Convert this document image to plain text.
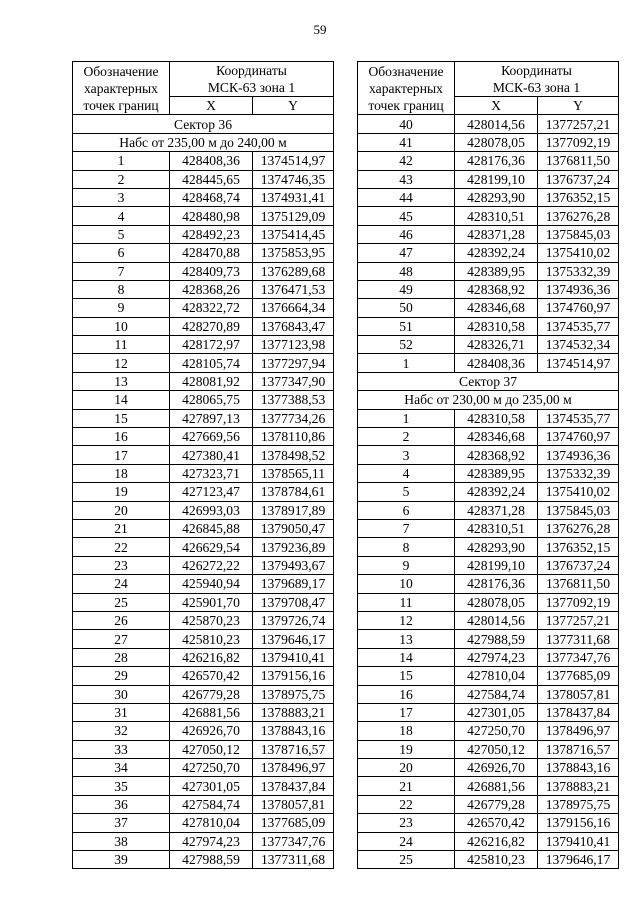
59
Обозначение
характерных
точек границ	Координаты
МСК-63 зона 1	
	X	Y
Сектор 36		
Набс от 235,00 м до 240,00 м		
1	428408,36	1374514,97
2	428445,65	1374746,35
3	428468,74	1374931,41
4	428480,98	1375129,09
5	428492,23	1375414,45
6	428470,88	1375853,95
7	428409,73	1376289,68
8	428368,26	1376471,53
9	428322,72	1376664,34
10	428270,89	1376843,47
11	428172,97	1377123,98
12	428105,74	1377297,94
13	428081,92	1377347,90
14	428065,75	1377388,53
15	427897,13	1377734,26
16	427669,56	1378110,86
17	427380,41	1378498,52
18	427323,71	1378565,11
19	427123,47	1378784,61
20	426993,03	1378917,89
21	426845,88	1379050,47
22	426629,54	1379236,89
23	426272,22	1379493,67
24	425940,94	1379689,17
25	425901,70	1379708,47
26	425870,23	1379726,74
27	425810,23	1379646,17
28	426216,82	1379410,41
29	426570,42	1379156,16
30	426779,28	1378975,75
31	426881,56	1378883,21
32	426926,70	1378843,16
33	427050,12	1378716,57
34	427250,70	1378496,97
35	427301,05	1378437,84
36	427584,74	1378057,81
37	427810,04	1377685,09
38	427974,23	1377347,76
39	427988,59	1377311,68
Обозначение
характерных
точек границ	Координаты
МСК-63 зона 1	
	X	Y
40	428014,56	1377257,21
41	428078,05	1377092,19
42	428176,36	1376811,50
43	428199,10	1376737,24
44	428293,90	1376352,15
45	428310,51	1376276,28
46	428371,28	1375845,03
47	428392,24	1375410,02
48	428389,95	1375332,39
49	428368,92	1374936,36
50	428346,68	1374760,97
51	428310,58	1374535,77
52	428326,71	1374532,34
1	428408,36	1374514,97
Сектор 37		
Набс от 230,00 м до 235,00 м		
1	428310,58	1374535,77
2	428346,68	1374760,97
3	428368,92	1374936,36
4	428389,95	1375332,39
5	428392,24	1375410,02
6	428371,28	1375845,03
7	428310,51	1376276,28
8	428293,90	1376352,15
9	428199,10	1376737,24
10	428176,36	1376811,50
11	428078,05	1377092,19
12	428014,56	1377257,21
13	427988,59	1377311,68
14	427974,23	1377347,76
15	427810,04	1377685,09
16	427584,74	1378057,81
17	427301,05	1378437,84
18	427250,70	1378496,97
19	427050,12	1378716,57
20	426926,70	1378843,16
21	426881,56	1378883,21
22	426779,28	1378975,75
23	426570,42	1379156,16
24	426216,82	1379410,41
25	425810,23	1379646,17
